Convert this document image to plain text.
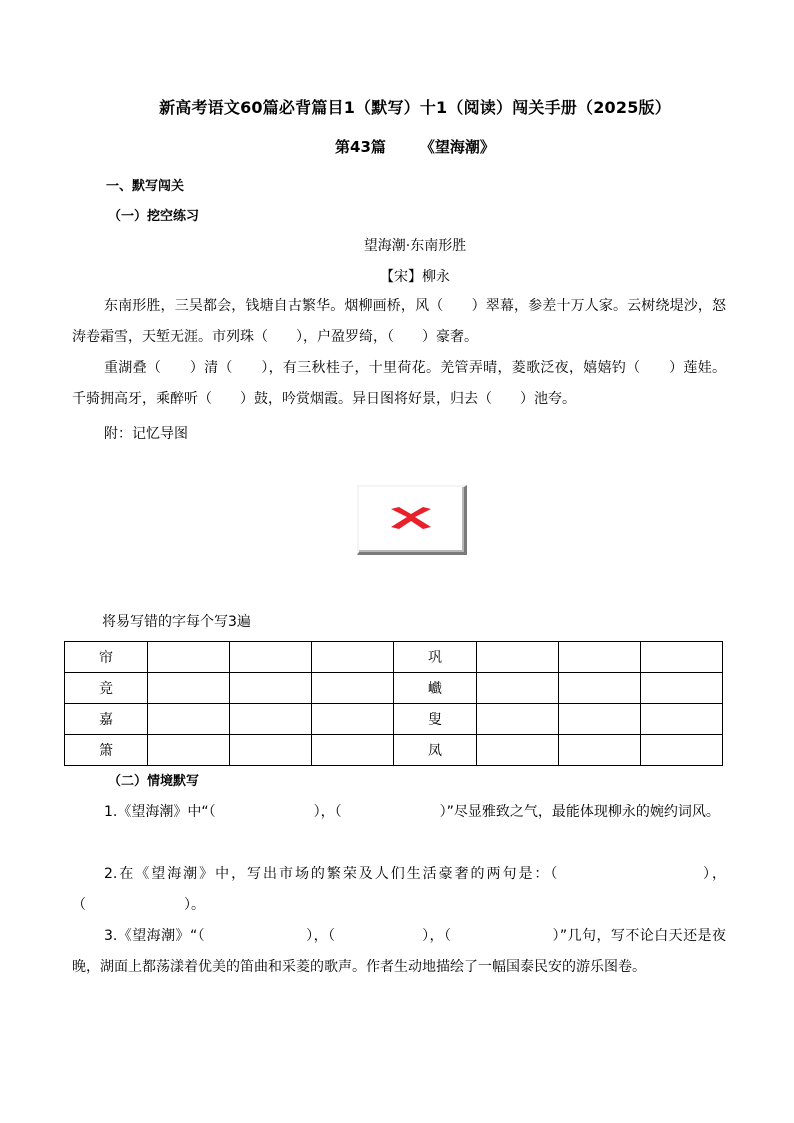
新高考语文60篇必背篇目1（默写）十1（阅读）闯关手册（2025版）
第43篇 《望海潮》
一、默写闯关
（一）挖空练习
望海潮·东南形胜
【宋】柳永

东南形胜，三吴都会，钱塘自古繁华。烟柳画桥，风（　　）翠幕，参差十万人家。云树绕堤沙，怒涛卷霜雪，天堑无涯。市列珠（　　），户盈罗绮，（　　）豪奢。

重湖叠（　　）清（　　），有三秋桂子，十里荷花。羌管弄晴，菱歌泛夜，嬉嬉钓（　　）莲娃。千骑拥高牙，乘醉听（　　）鼓，吟赏烟霞。异日图将好景，归去（　　）池夸。

附：记忆导图
将易写错的字每个写3遍
帘				巩			
竞				巇			
嘉				叟			
箫				凤			
（二）情境默写

1.《望海潮》中“（　　　　　　　），（　　　　　　　）”尽显雅致之气，最能体现柳永的婉约词风。

2.在《望海潮》中，写出市场的繁荣及人们生活豪奢的两句是：（　　　　　　　　　），（　　　　　　　）。

3.《望海潮》“（　　　　　　　），（　　　　　　），（　　　　　　　）”几句，写不论白天还是夜晚，湖面上都荡漾着优美的笛曲和采菱的歌声。作者生动地描绘了一幅国泰民安的游乐图卷。
